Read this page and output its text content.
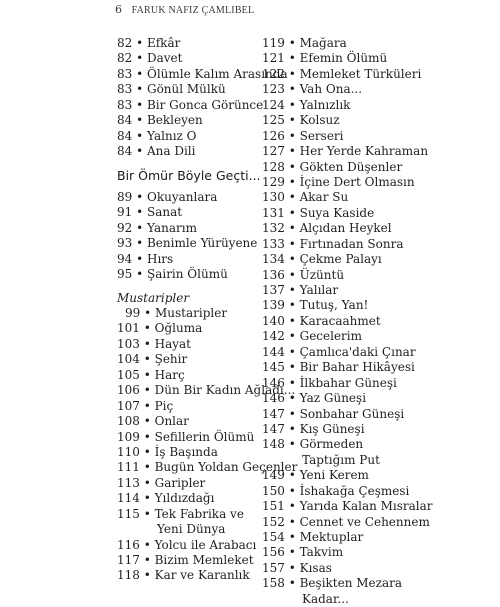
6 FARUK NAFIZ ÇAMLIBEL
82 • Efkâr
82 • Davet
83 • Ölümle Kalım Arasında
83 • Gönül Mülkü
83 • Bir Gonca Görünce
84 • Bekleyen
84 • Yalnız O
84 • Ana Dili
Bir Ömür Böyle Geçti...
89 • Okuyanlara
91 • Sanat
92 • Yanarım
93 • Benimle Yürüyene
94 • Hırs
95 • Şairin Ölümü
Mustaripler
99 • Mustaripler
101 • Oğluma
103 • Hayat
104 • Şehir
105 • Harç
106 • Dün Bir Kadın Ağladı...
107 • Piç
108 • Onlar
109 • Sefillerin Ölümü
110 • İş Başında
111 • Bugün Yoldan Geçenler
113 • Garipler
114 • Yıldızdağı
115 • Tek Fabrika ve
Yeni Dünya
116 • Yolcu ile Arabacı
117 • Bizim Memleket
118 • Kar ve Karanlık
119 • Mağara
121 • Efemin Ölümü
122 • Memleket Türküleri
123 • Vah Ona...
124 • Yalnızlık
125 • Kolsuz
126 • Serseri
127 • Her Yerde Kahraman
128 • Gökten Düşenler
129 • İçine Dert Olmasın
130 • Akar Su
131 • Suya Kaside
132 • Alçıdan Heykel
133 • Fırtınadan Sonra
134 • Çekme Palayı
136 • Üzüntü
137 • Yalılar
139 • Tutuş, Yan!
140 • Karacaahmet
142 • Gecelerim
144 • Çamlıca'daki Çınar
145 • Bir Bahar Hikâyesi
146 • İlkbahar Güneşi
146 • Yaz Güneşi
147 • Sonbahar Güneşi
147 • Kış Güneşi
148 • Görmeden
Taptığım Put
149 • Yeni Kerem
150 • İshakağa Çeşmesi
151 • Yarıda Kalan Mısralar
152 • Cennet ve Cehennem
154 • Mektuplar
156 • Takvim
157 • Kısas
158 • Beşikten Mezara
Kadar...
